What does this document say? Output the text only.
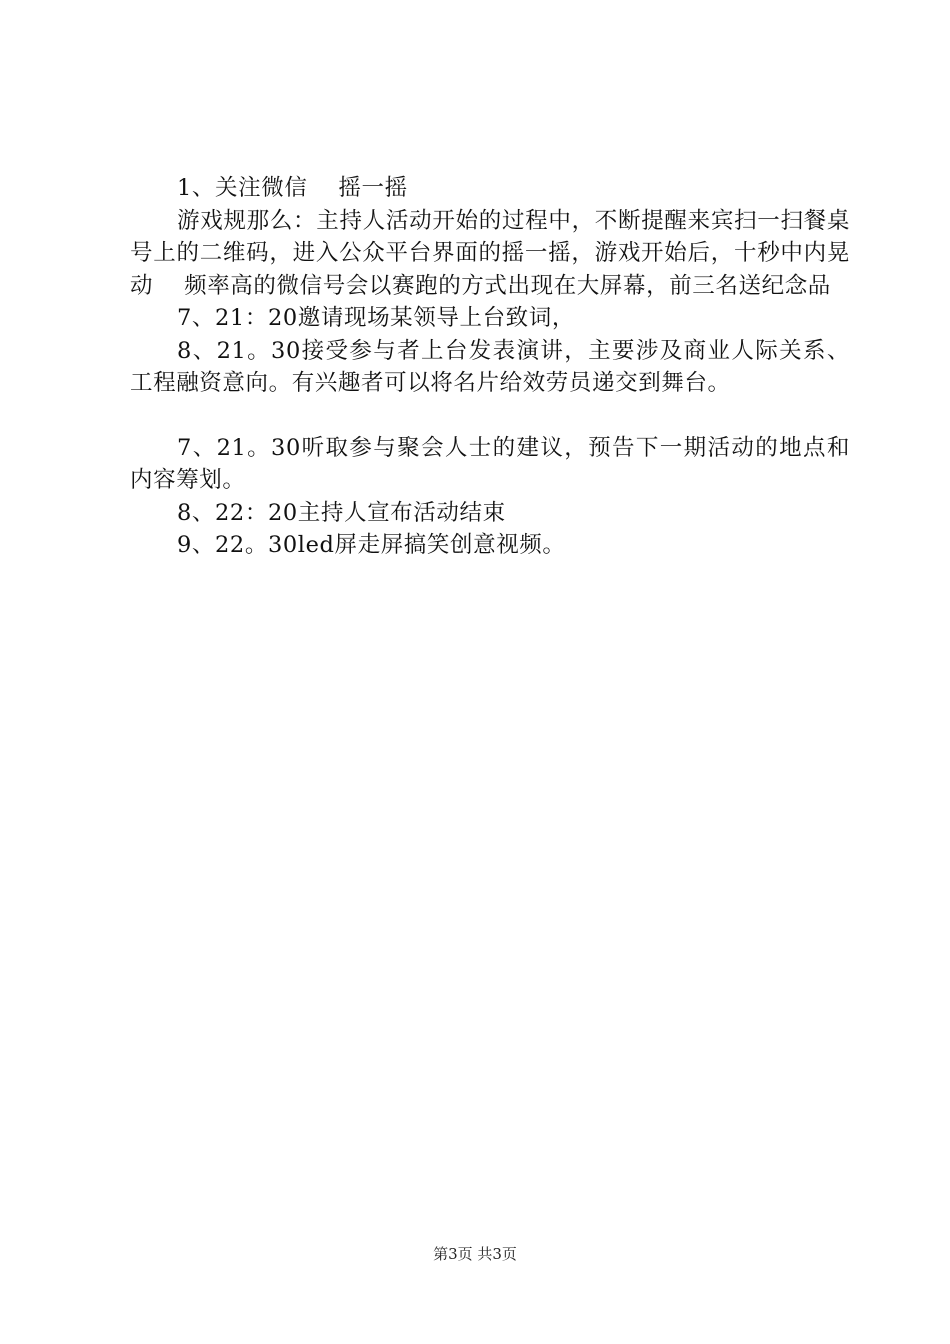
1、关注微信    摇一摇

游戏规那么：主持人活动开始的过程中，不断提醒来宾扫一扫餐桌号上的二维码，进入公众平台界面的摇一摇，游戏开始后，十秒中内晃动    频率高的微信号会以赛跑的方式出现在大屏幕，前三名送纪念品

7、21：20邀请现场某领导上台致词，

8、21。30接受参与者上台发表演讲，主要涉及商业人际关系、工程融资意向。有兴趣者可以将名片给效劳员递交到舞台。

7、21。30听取参与聚会人士的建议，预告下一期活动的地点和内容筹划。

8、22：20主持人宣布活动结束

9、22。30led屏走屏搞笑创意视频。

第3页 共3页
